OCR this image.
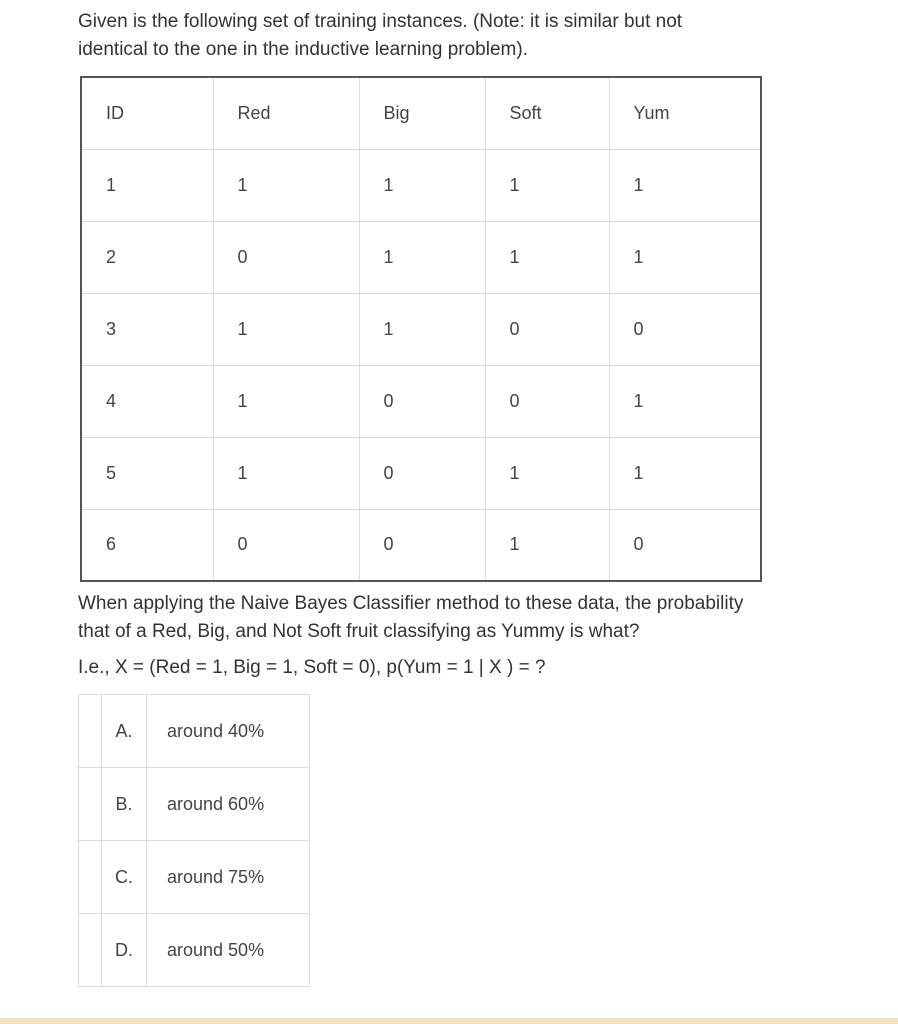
Given is the following set of training instances. (Note: it is similar but not
identical to the one in the inductive learning problem).
ID	Red	Big	Soft	Yum
1	1	1	1	1
2	0	1	1	1
3	1	1	0	0
4	1	0	0	1
5	1	0	1	1
6	0	0	1	0
When applying the Naive Bayes Classifier method to these data, the probability
that of a Red, Big, and Not Soft fruit classifying as Yummy is what?
I.e., X = (Red = 1, Big = 1, Soft = 0), p(Yum = 1 | X ) = ?
	A.	around 40%
	B.	around 60%
	C.	around 75%
	D.	around 50%
